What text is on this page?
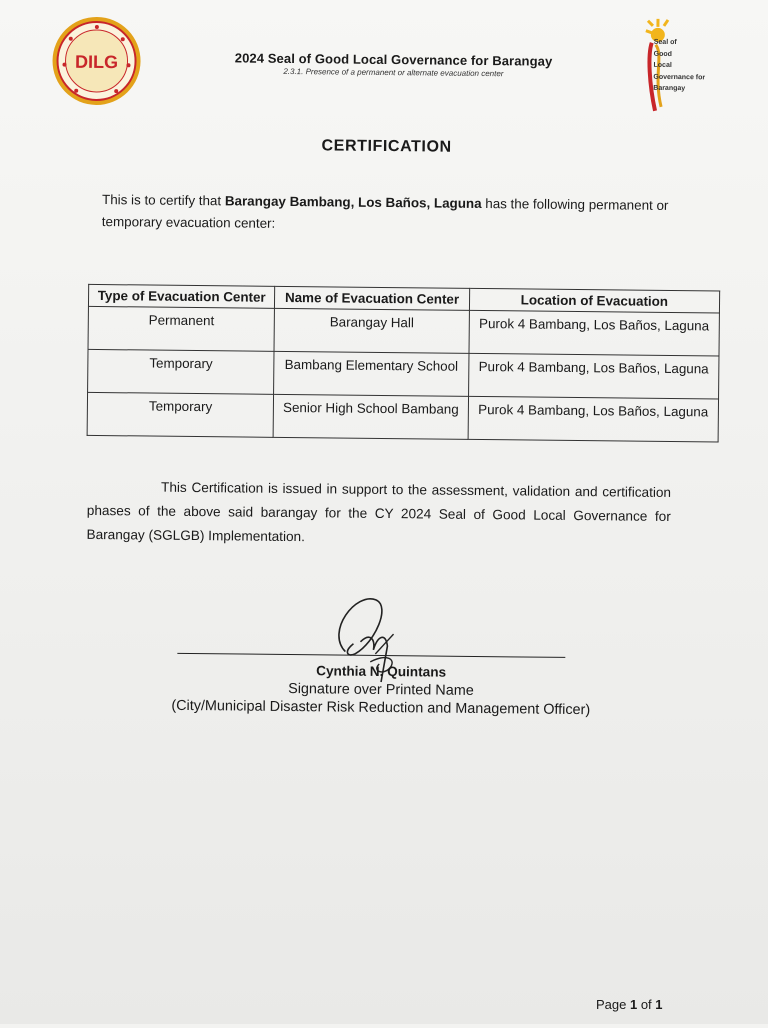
DILG	2024 Seal of Good Local Governance for Barangay
2.3.1. Presence of a permanent or alternate evacuation center
Seal of
Good
Local
Governance for
Barangay
CERTIFICATION
This is to certify that Barangay Bambang, Los Baños, Laguna has the following permanent or temporary evacuation center:
Type of Evacuation Center	Name of Evacuation Center	Location of Evacuation
Permanent	Barangay Hall	Purok 4 Bambang, Los Baños, Laguna
Temporary	Bambang Elementary School	Purok 4 Bambang, Los Baños, Laguna
Temporary	Senior High School Bambang	Purok 4 Bambang, Los Baños, Laguna
This Certification is issued in support to the assessment, validation and certification phases of the above said barangay for the CY 2024 Seal of Good Local Governance for Barangay (SGLGB) Implementation.
Cynthia N. Quintans
Signature over Printed Name
(City/Municipal Disaster Risk Reduction and Management Officer)
Page 1 of 1
